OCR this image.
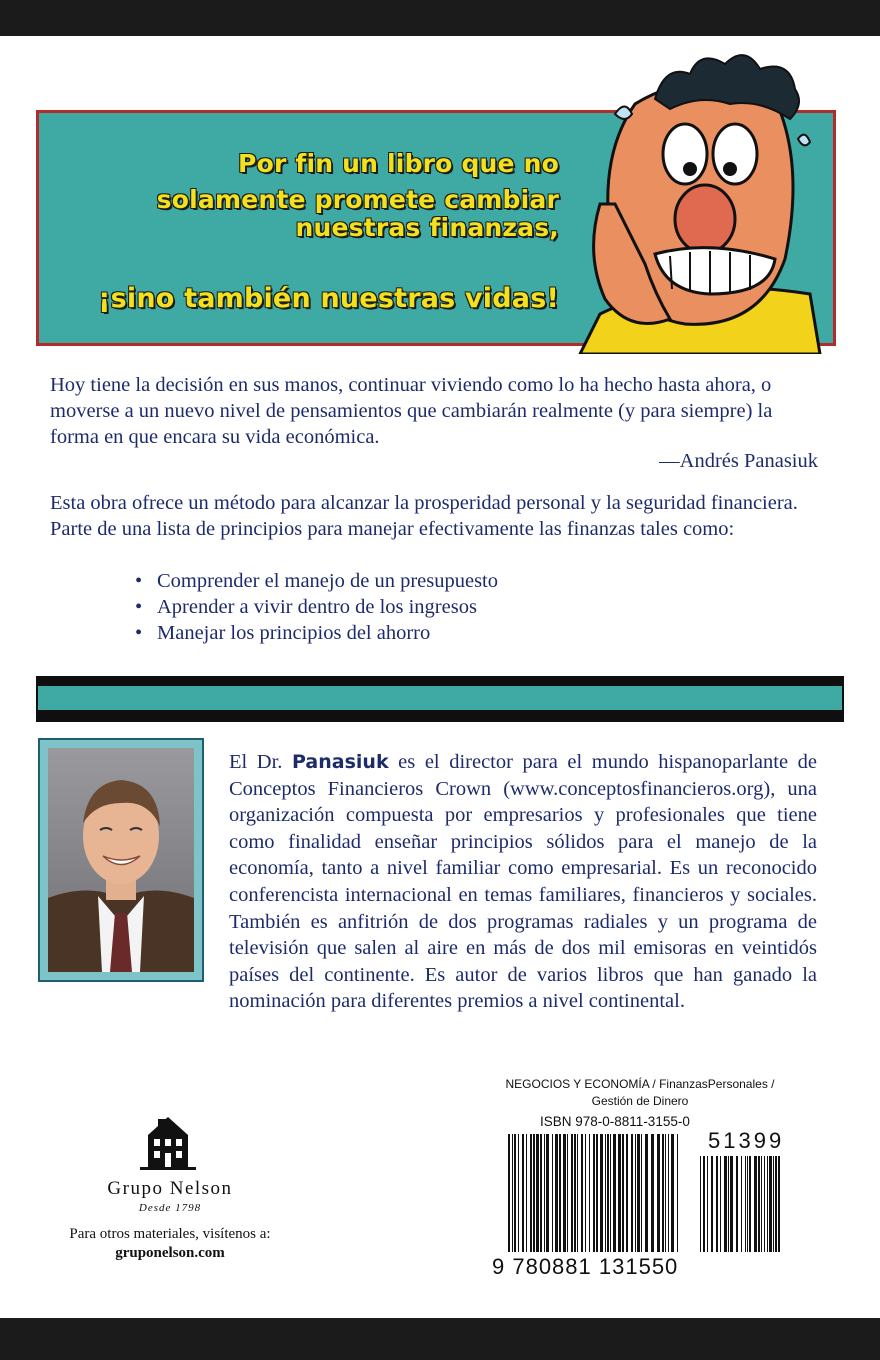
Por fin un libro que no
solamente promete cambiar
nuestras finanzas,
¡sino también nuestras vidas!
Hoy tiene la decisión en sus manos, continuar viviendo como lo ha hecho hasta ahora, o moverse a un nuevo nivel de pensamientos que cambiarán realmente (y para siempre) la forma en que encara su vida económica.
—Andrés Panasiuk
Esta obra ofrece un método para alcanzar la prosperidad personal y la seguridad financiera. Parte de una lista de principios para manejar efectivamente las finanzas tales como:
• Comprender el manejo de un presupuesto
• Aprender a vivir dentro de los ingresos
• Manejar los principios del ahorro
El Dr. Panasiuk es el director para el mundo hispanoparlante de Conceptos Financieros Crown (www.conceptosfinancieros.org), una organización compuesta por empresarios y profesionales que tiene como finalidad enseñar principios sólidos para el manejo de la economía, tanto a nivel familiar como empresarial. Es un reconocido conferencista internacional en temas familiares, financieros y sociales. También es anfitrión de dos programas radiales y un programa de televisión que salen al aire en más de dos mil emisoras en veintidós países del continente. Es autor de varios libros que han ganado la nominación para diferentes premios a nivel continental.
Grupo Nelson
Desde 1798
Para otros materiales, visítenos a:
gruponelson.com
NEGOCIOS Y ECONOMÍA / FinanzasPersonales /
Gestión de Dinero
ISBN 978-0-8811-3155-0
51399
9 780881 131550
